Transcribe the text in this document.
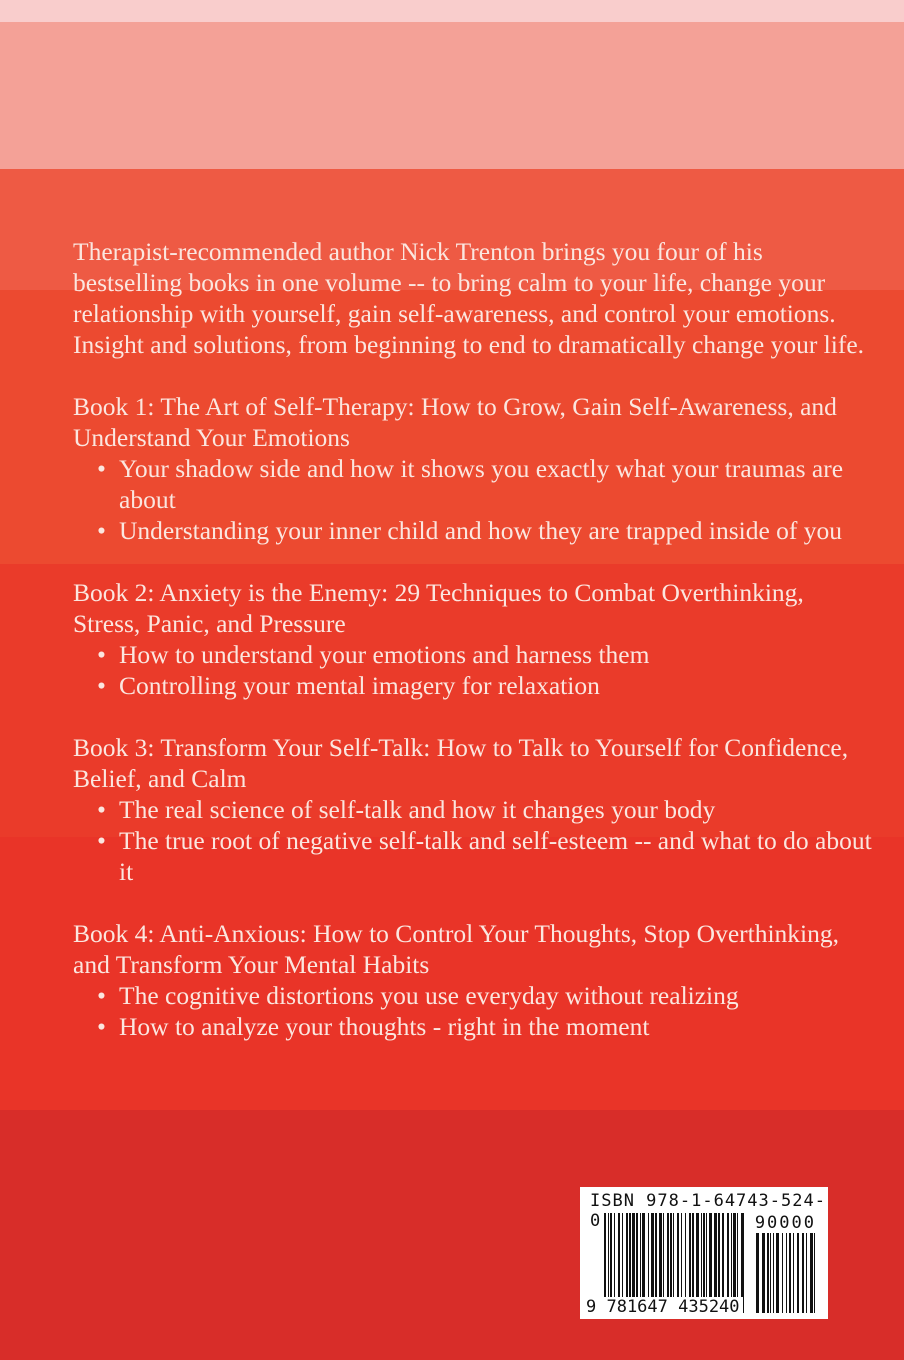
Therapist-recommended author Nick Trenton brings you four of his bestselling books in one volume -- to bring calm to your life, change your relationship with yourself, gain self-awareness, and control your emotions. Insight and solutions, from beginning to end to dramatically change your life.

Book 1: The Art of Self-Therapy: How to Grow, Gain Self-Awareness, and Understand Your Emotions
• Your shadow side and how it shows you exactly what your traumas are about
• Understanding your inner child and how they are trapped inside of you
Book 2: Anxiety is the Enemy: 29 Techniques to Combat Overthinking, Stress, Panic, and Pressure
• How to understand your emotions and harness them
• Controlling your mental imagery for relaxation
Book 3: Transform Your Self-Talk: How to Talk to Yourself for Confidence, Belief, and Calm
• The real science of self-talk and how it changes your body
• The true root of negative self-talk and self-esteem -- and what to do about it
Book 4: Anti-Anxious: How to Control Your Thoughts, Stop Overthinking, and Transform Your Mental Habits
• The cognitive distortions you use everyday without realizing
• How to analyze your thoughts - right in the moment
ISBN 978-1-64743-524-0	90000
9 781647 435240
